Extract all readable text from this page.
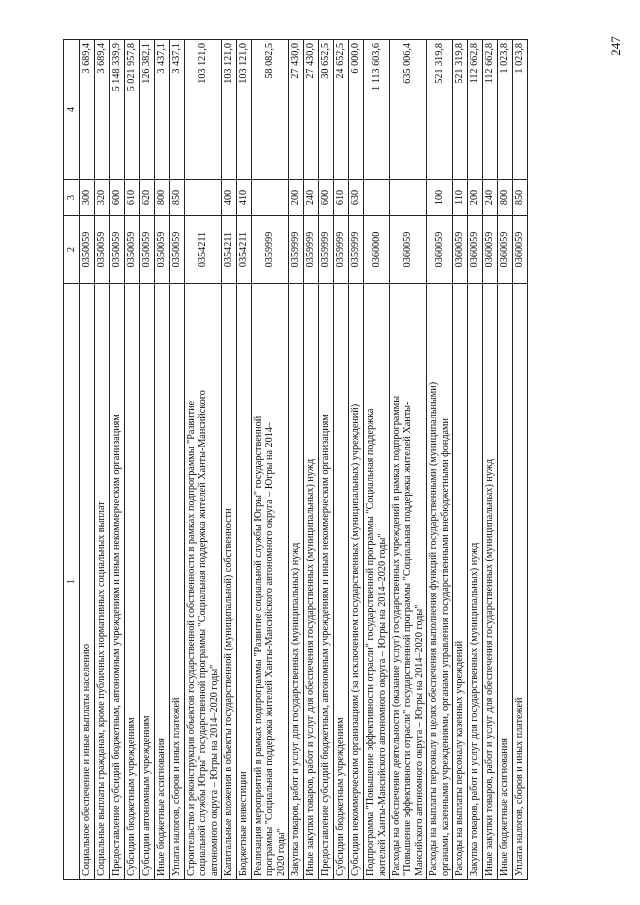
247
1	2	3	4

Социальное обеспечение и иные выплаты населению	0350059	300	3 689,4

Социальные выплаты гражданам, кроме публичных нормативных социальных выплат	0350059	320	3 689,4

Предоставление субсидий бюджетным, автономным учреждениям и иным некоммерческим организациям	0350059	600	5 148 339,9

Субсидии бюджетным учреждениям	0350059	610	5 021 957,8

Субсидии автономным учреждениям	0350059	620	126 382,1

Иные бюджетные ассигнования	0350059	800	3 437,1

Уплата налогов, сборов и иных платежей	0350059	850	3 437,1

Строительство и реконструкция объектов государственной собственности в рамках подпрограммы "Развитие социальной службы Югры" государственной программы "Социальная поддержка жителей Ханты-Мансийского автономного округа – Югры на 2014–2020 годы"	0354211		103 121,0

Капитальные вложения в объекты государственной (муниципальной) собственности	0354211	400	103 121,0

Бюджетные инвестиции	0354211	410	103 121,0

Реализация мероприятий в рамках подпрограммы "Развитие социальной службы Югры" государственной программы "Социальная поддержка жителей Ханты-Мансийского автономного округа – Югры на 2014– 2020 годы"	0359999		58 082,5

Закупка товаров, работ и услуг для государственных (муниципальных) нужд	0359999	200	27 430,0

Иные закупки товаров, работ и услуг для обеспечения государственных (муниципальных) нужд	0359999	240	27 430,0

Предоставление субсидий бюджетным, автономным учреждениям и иным некоммерческим организациям	0359999	600	30 652,5

Субсидии бюджетным учреждениям	0359999	610	24 652,5

Субсидии некоммерческим организациям (за исключением государственных (муниципальных) учреждений)	0359999	630	6 000,0

Подпрограмма "Повышение эффективности отрасли" государственной программы "Социальная поддержка жителей Ханты-Мансийского автономного округа – Югры на 2014–2020 годы"	0360000		1 113 603,6

Расходы на обеспечение деятельности (оказание услуг) государственных учреждений в рамках подпрограммы "Повышение эффективности отрасли" государственной программы "Социальная поддержка жителей Ханты- Мансийского автономного округа – Югры на 2014–2020 годы"	0360059		635 006,4

Расходы на выплаты персоналу в целях обеспечения выполнения функций государственными (муниципальными) органами, казенными учреждениями, органами управления государственными внебюджетными фондами	0360059	100	521 319,8

Расходы на выплаты персоналу казенных учреждений	0360059	110	521 319,8

Закупка товаров, работ и услуг для государственных (муниципальных) нужд	0360059	200	112 662,8

Иные закупки товаров, работ и услуг для обеспечения государственных (муниципальных) нужд	0360059	240	112 662,8

Иные бюджетные ассигнования	0360059	800	1 023,8

Уплата налогов, сборов и иных платежей	0360059	850	1 023,8
